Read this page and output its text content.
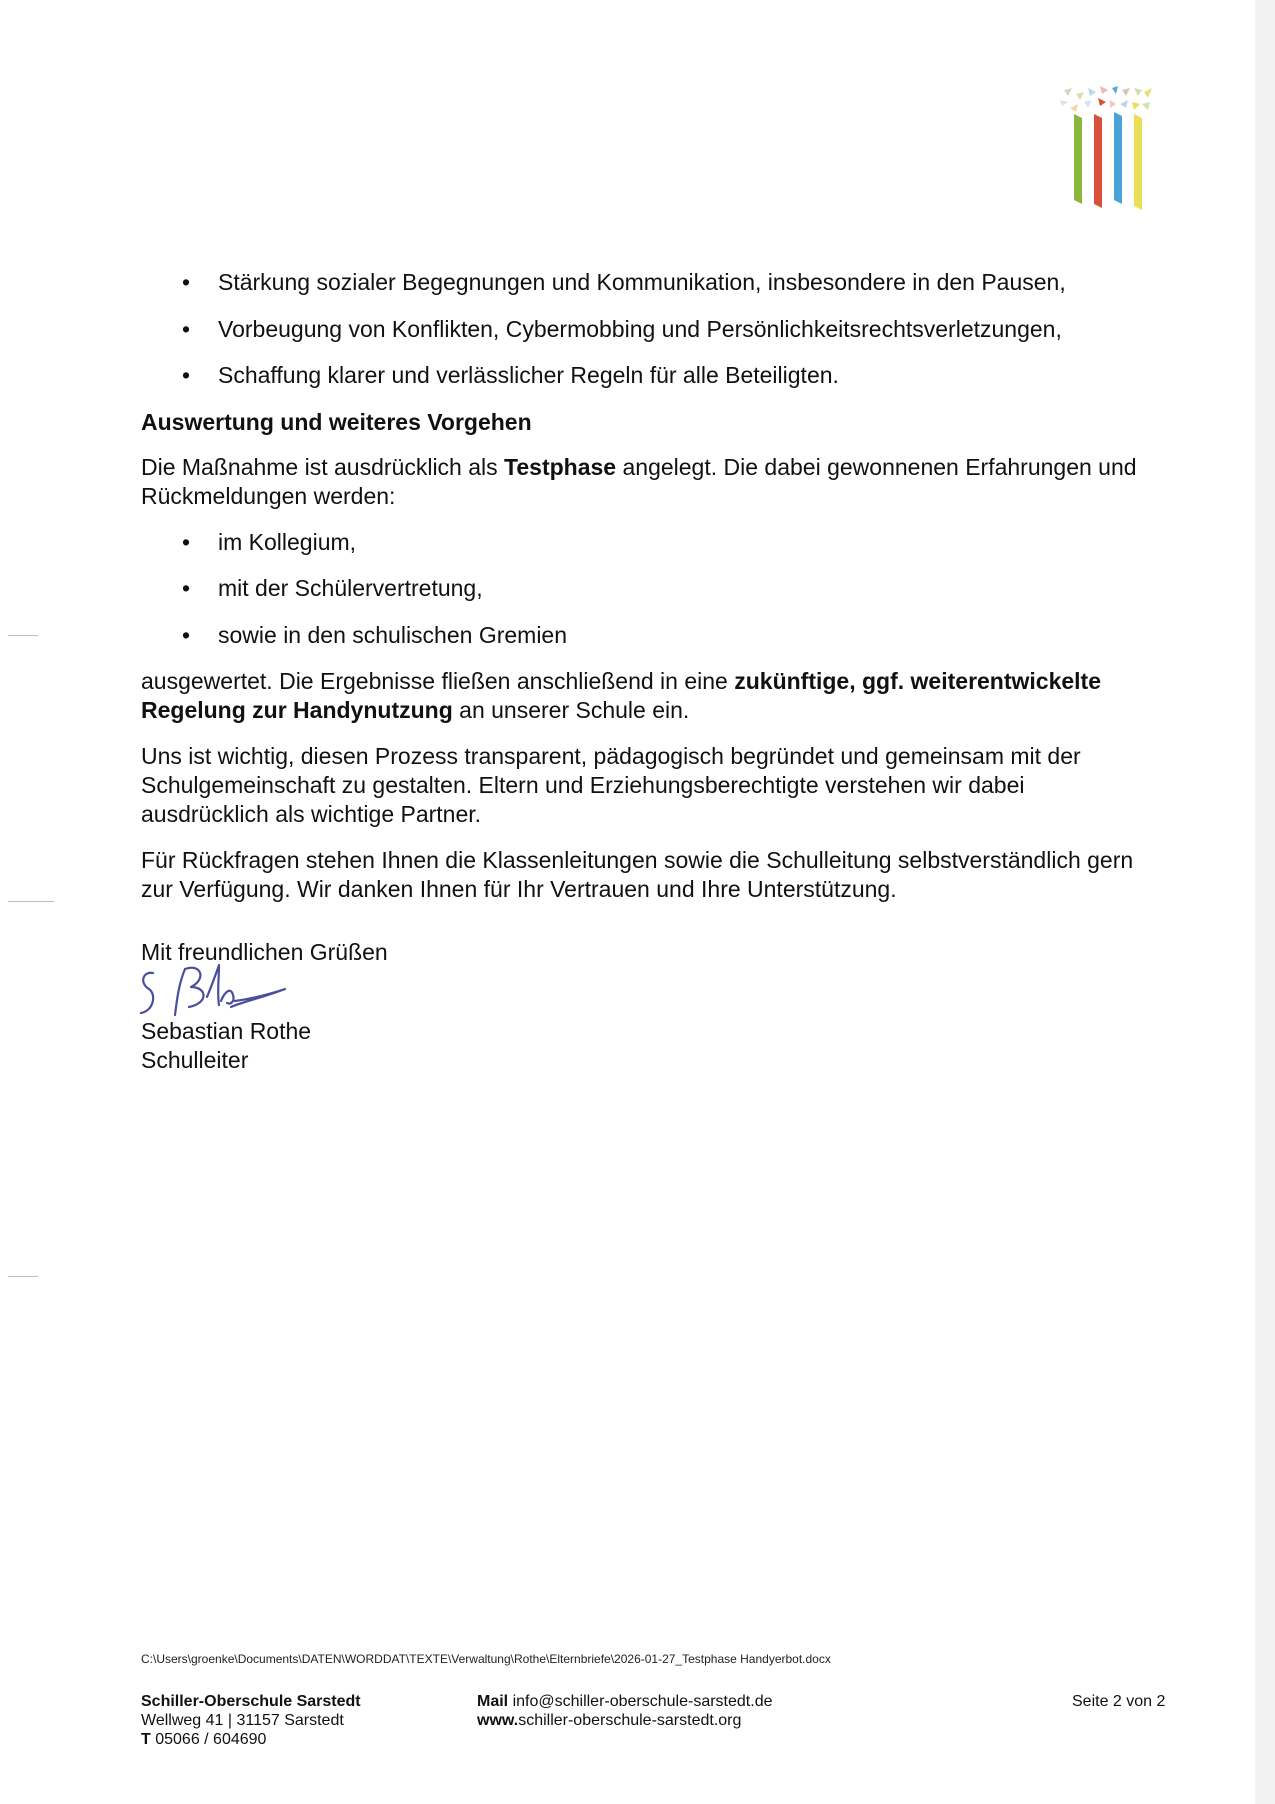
• Stärkung sozialer Begegnungen und Kommunikation, insbesondere in den Pausen,
• Vorbeugung von Konflikten, Cybermobbing und Persönlichkeitsrechtsverletzungen,
• Schaffung klarer und verlässlicher Regeln für alle Beteiligten.
Auswertung und weiteres Vorgehen

Die Maßnahme ist ausdrücklich als Testphase angelegt. Die dabei gewonnenen Erfahrungen und Rückmeldungen werden:

• im Kollegium,
• mit der Schülervertretung,
• sowie in den schulischen Gremien

ausgewertet. Die Ergebnisse fließen anschließend in eine zukünftige, ggf. weiterentwickelte Regelung zur Handynutzung an unserer Schule ein.

Uns ist wichtig, diesen Prozess transparent, pädagogisch begründet und gemeinsam mit der Schulgemeinschaft zu gestalten. Eltern und Erziehungsberechtigte verstehen wir dabei ausdrücklich als wichtige Partner.

Für Rückfragen stehen Ihnen die Klassenleitungen sowie die Schulleitung selbstverständlich gern zur Verfügung. Wir danken Ihnen für Ihr Vertrauen und Ihre Unterstützung.

Mit freundlichen Grüßen
Sebastian Rothe
Schulleiter
C:\Users\groenke\Documents\DATEN\WORDDAT\TEXTE\Verwaltung\Rothe\Elternbriefe\2026-01-27_Testphase Handyerbot.docx
Schiller-Oberschule Sarstedt
Wellweg 41 | 31157 Sarstedt
T 05066 / 604690
Mail info@schiller-oberschule-sarstedt.de
www.schiller-oberschule-sarstedt.org
Seite 2 von 2
